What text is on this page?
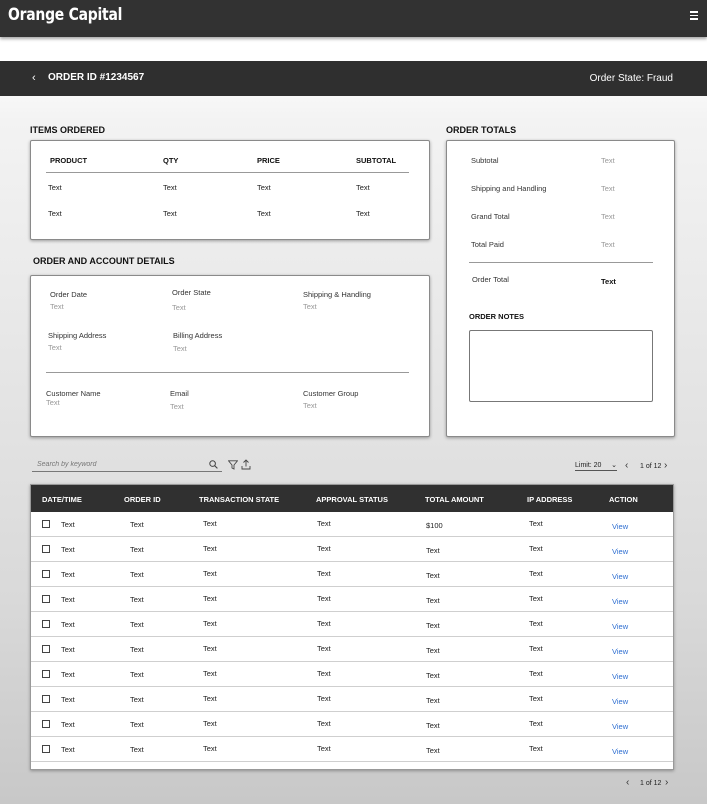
Orange Capital
‹ ORDER ID #1234567	Order State: Fraud
ITEMS ORDERED
PRODUCT	QTY	PRICE	SUBTOTAL
Text	Text	Text	Text
Text	Text	Text	Text
ORDER TOTALS
Subtotal	Text
Shipping and Handling	Text
Grand Total	Text
Total Paid	Text
Order Total	Text
ORDER NOTES
ORDER AND ACCOUNT DETAILS
Order Date
Text
Order State
Text
Shipping & Handling
Text
Shipping Address
Text
Billing Address
Text
Customer Name
Text
Email
Text
Customer Group
Text
Search by keyword
Limit: 20 ⌄ ‹ 1 of 12 ›
DATE/TIME	ORDER ID	TRANSACTION STATE	APPROVAL STATUS	TOTAL AMOUNT	IP ADDRESS	ACTION
Text	Text	Text	Text	$100	Text	View
Text	Text	Text	Text	Text	Text	View
Text	Text	Text	Text	Text	Text	View
Text	Text	Text	Text	Text	Text	View
Text	Text	Text	Text	Text	Text	View
Text	Text	Text	Text	Text	Text	View
Text	Text	Text	Text	Text	Text	View
Text	Text	Text	Text	Text	Text	View
Text	Text	Text	Text	Text	Text	View
Text	Text	Text	Text	Text	Text	View
‹ 1 of 12 ›
